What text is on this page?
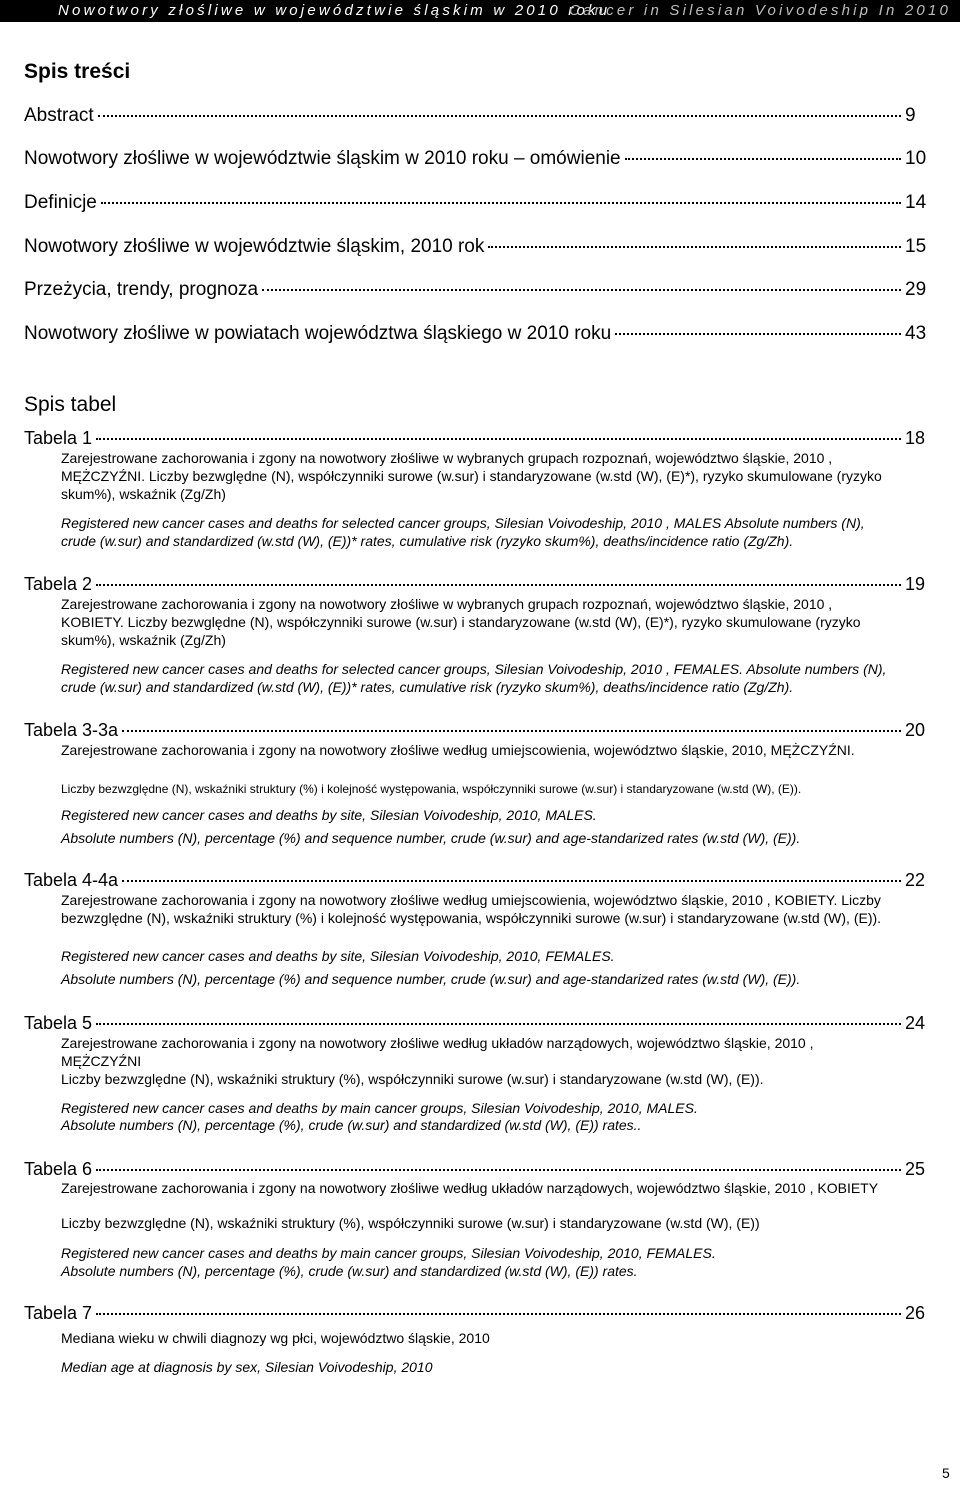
Nowotwory złośliwe w województwie śląskim w 2010 roku
Cancer in Silesian Voivodeship In 2010
Spis treści
Abstract	9
Nowotwory złośliwe w województwie śląskim w 2010 roku – omówienie	10
Definicje	14
Nowotwory złośliwe w województwie śląskim, 2010 rok	15
Przeżycia, trendy, prognoza	29
Nowotwory złośliwe w powiatach województwa śląskiego w 2010 roku	43
Spis tabel
Tabela 1	18
Zarejestrowane zachorowania i zgony na nowotwory złośliwe w wybranych grupach rozpoznań, województwo śląskie, 2010 , MĘŻCZYŹNI. Liczby bezwględne (N), współczynniki surowe (w.sur) i standaryzowane (w.std (W), (E)*), ryzyko skumulowane (ryzyko skum%), wskaźnik (Zg/Zh)
Registered new cancer cases and deaths for selected cancer groups, Silesian Voivodeship, 2010 , MALES Absolute numbers (N), crude (w.sur) and standardized (w.std (W), (E))* rates, cumulative risk (ryzyko skum%), deaths/incidence ratio (Zg/Zh).
Tabela 2	19
Zarejestrowane zachorowania i zgony na nowotwory złośliwe w wybranych grupach rozpoznań, województwo śląskie, 2010 , KOBIETY. Liczby bezwględne (N), współczynniki surowe (w.sur) i standaryzowane (w.std (W), (E)*), ryzyko skumulowane (ryzyko skum%), wskaźnik (Zg/Zh)
Registered new cancer cases and deaths for selected cancer groups, Silesian Voivodeship, 2010 , FEMALES. Absolute numbers (N), crude (w.sur) and standardized (w.std (W), (E))* rates, cumulative risk (ryzyko skum%), deaths/incidence ratio (Zg/Zh).
Tabela 3-3a	20
Zarejestrowane zachorowania i zgony na nowotwory złośliwe według umiejscowienia, województwo śląskie, 2010, MĘŻCZYŹNI.
Liczby bezwzględne (N), wskaźniki struktury (%) i kolejność występowania, współczynniki surowe (w.sur) i standaryzowane (w.std (W), (E)).
Registered new cancer cases and deaths by site, Silesian Voivodeship, 2010, MALES.
Absolute numbers (N), percentage (%) and sequence number, crude (w.sur) and age-standarized rates (w.std (W), (E)).
Tabela 4-4a	22
Zarejestrowane zachorowania i zgony na nowotwory złośliwe według umiejscowienia, województwo śląskie, 2010 , KOBIETY. Liczby bezwzględne (N), wskaźniki struktury (%) i kolejność występowania, współczynniki surowe (w.sur) i standaryzowane (w.std (W), (E)).
Registered new cancer cases and deaths by site, Silesian Voivodeship, 2010, FEMALES.
Absolute numbers (N), percentage (%) and sequence number, crude (w.sur) and age-standarized rates (w.std (W), (E)).
Tabela 5	24
Zarejestrowane zachorowania i zgony na nowotwory złośliwe według układów narządowych, województwo śląskie, 2010 , MĘŻCZYŹNI
Liczby bezwzględne (N), wskaźniki struktury (%), współczynniki surowe (w.sur) i standaryzowane (w.std (W), (E)).
Registered new cancer cases and deaths by main cancer groups, Silesian Voivodeship, 2010, MALES.
Absolute numbers (N), percentage (%), crude (w.sur) and standardized (w.std (W), (E)) rates..
Tabela 6	25
Zarejestrowane zachorowania i zgony na nowotwory złośliwe według układów narządowych, województwo śląskie, 2010 , KOBIETY
Liczby bezwzględne (N), wskaźniki struktury (%), współczynniki surowe (w.sur) i standaryzowane (w.std (W), (E))
Registered new cancer cases and deaths by main cancer groups, Silesian Voivodeship, 2010, FEMALES.
Absolute numbers (N), percentage (%), crude (w.sur) and standardized (w.std (W), (E)) rates.
Tabela 7	26
Mediana wieku w chwili diagnozy wg płci, województwo śląskie, 2010
Median age at diagnosis by sex, Silesian Voivodeship, 2010
5
